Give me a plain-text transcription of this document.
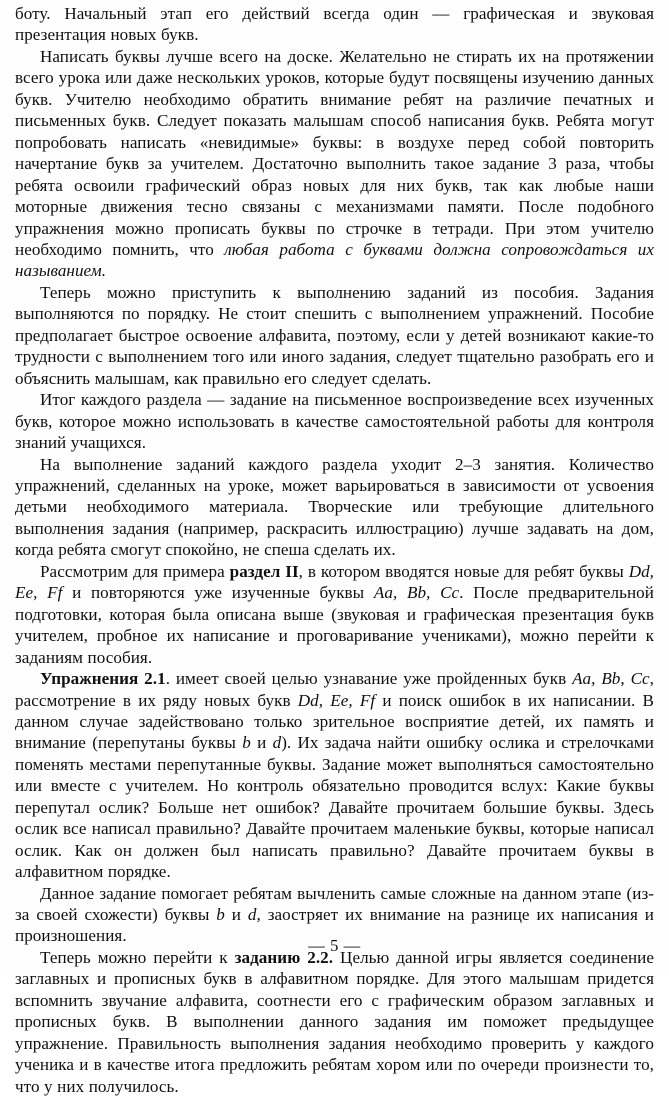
боту. Начальный этап его действий всегда один — графическая и звуковая презентация новых букв.

Написать буквы лучше всего на доске. Желательно не стирать их на протяжении всего урока или даже нескольких уроков, которые будут посвящены изучению данных букв. Учителю необходимо обратить внимание ребят на различие печатных и письменных букв. Следует показать малышам способ написания букв. Ребята могут попробовать написать «невидимые» буквы: в воздухе перед собой повторить начертание букв за учителем. Достаточно выполнить такое задание 3 раза, чтобы ребята освоили графический образ новых для них букв, так как любые наши моторные движения тесно связаны с механизмами памяти. После подобного упражнения можно прописать буквы по строчке в тетради. При этом учителю необходимо помнить, что любая работа с буквами должна сопровождаться их называнием.

Теперь можно приступить к выполнению заданий из пособия. Задания выполняются по порядку. Не стоит спешить с выполнением упражнений. Пособие предполагает быстрое освоение алфавита, поэтому, если у детей возникают какие-то трудности с выполнением того или иного задания, следует тщательно разобрать его и объяснить малышам, как правильно его следует сделать.

Итог каждого раздела — задание на письменное воспроизведение всех изученных букв, которое можно использовать в качестве самостоятельной работы для контроля знаний учащихся.

На выполнение заданий каждого раздела уходит 2–3 занятия. Количество упражнений, сделанных на уроке, может варьироваться в зависимости от усвоения детьми необходимого материала. Творческие или требующие длительного выполнения задания (например, раскрасить иллюстрацию) лучше задавать на дом, когда ребята смогут спокойно, не спеша сделать их.

Рассмотрим для примера раздел II, в котором вводятся новые для ребят буквы Dd, Ee, Ff и повторяются уже изученные буквы Aa, Bb, Cc. После предварительной подготовки, которая была описана выше (звуковая и графическая презентация букв учителем, пробное их написание и проговаривание учениками), можно перейти к заданиям пособия.

Упражнения 2.1. имеет своей целью узнавание уже пройденных букв Aa, Bb, Cc, рассмотрение в их ряду новых букв Dd, Ee, Ff и поиск ошибок в их написании. В данном случае задействовано только зрительное восприятие детей, их память и внимание (перепутаны буквы b и d). Их задача найти ошибку ослика и стрелочками поменять местами перепутанные буквы. Задание может выполняться самостоятельно или вместе с учителем. Но контроль обязательно проводится вслух: Какие буквы перепутал ослик? Больше нет ошибок? Давайте прочитаем большие буквы. Здесь ослик все написал правильно? Давайте прочитаем маленькие буквы, которые написал ослик. Как он должен был написать правильно? Давайте прочитаем буквы в алфавитном порядке.

Данное задание помогает ребятам вычленить самые сложные на данном этапе (из-за своей схожести) буквы b и d, заостряет их внимание на разнице их написания и произношения.

Теперь можно перейти к заданию 2.2. Целью данной игры является соединение заглавных и прописных букв в алфавитном порядке. Для этого малышам придется вспомнить звучание алфавита, соотнести его с графическим образом заглавных и прописных букв. В выполнении данного задания им поможет предыдущее упражнение. Правильность выполнения задания необходимо проверить у каждого ученика и в качестве итога предложить ребятам хором или по очереди произнести то, что у них получилось.

— 5 —
